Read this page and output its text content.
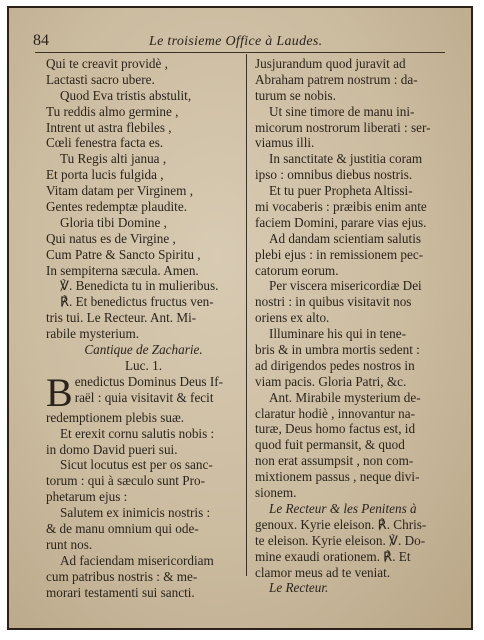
84	Le troisieme Office à Laudes.
Qui te creavit providè ,
Lactasti sacro ubere.
Quod Eva tristis abstulit,
Tu reddis almo germine ,
Intrent ut astra flebiles ,
Cœli fenestra facta es.
Tu Regis alti janua ,
Et porta lucis fulgida ,
Vitam datam per Virginem ,
Gentes redemptæ plaudite.
Gloria tibi Domine ,
Qui natus es de Virgine ,
Cum Patre & Sancto Spiritu ,
In sempiterna sæcula. Amen.
℣. Benedicta tu in mulieribus.
℟. Et benedictus fructus ven-
tris tui. Le Recteur. Ant. Mi-
rabile mysterium.
Cantique de Zacharie.
Luc. 1.
B enedictus Dominus Deus If-
raël : quia visitavit & fecit
redemptionem plebis suæ.
Et erexit cornu salutis nobis :
in domo David pueri sui.
Sicut locutus est per os sanc-
torum : qui à sæculo sunt Pro-
phetarum ejus :
Salutem ex inimicis nostris :
& de manu omnium qui ode-
runt nos.
Ad faciendam misericordiam
cum patribus nostris : & me-
morari testamenti sui sancti.
Jusjurandum quod juravit ad
Abraham patrem nostrum : da-
turum se nobis.
Ut sine timore de manu ini-
micorum nostrorum liberati : ser-
viamus illi.
In sanctitate & justitia coram
ipso : omnibus diebus nostris.
Et tu puer Propheta Altissi-
mi vocaberis : præibis enim ante
faciem Domini, parare vias ejus.
Ad dandam scientiam salutis
plebi ejus : in remissionem pec-
catorum eorum.
Per viscera misericordiæ Dei
nostri : in quibus visitavit nos
oriens ex alto.
Illuminare his qui in tene-
bris & in umbra mortis sedent :
ad dirigendos pedes nostros in
viam pacis. Gloria Patri, &c.
Ant. Mirabile mysterium de-
claratur hodiè , innovantur na-
turæ, Deus homo factus est, id
quod fuit permansit, & quod
non erat assumpsit , non com-
mixtionem passus , neque divi-
sionem.
Le Recteur & les Penitens à
genoux. Kyrie eleison. ℟. Chris-
te eleison. Kyrie eleison. ℣. Do-
mine exaudi orationem. ℟. Et
clamor meus ad te veniat.
Le Recteur.
